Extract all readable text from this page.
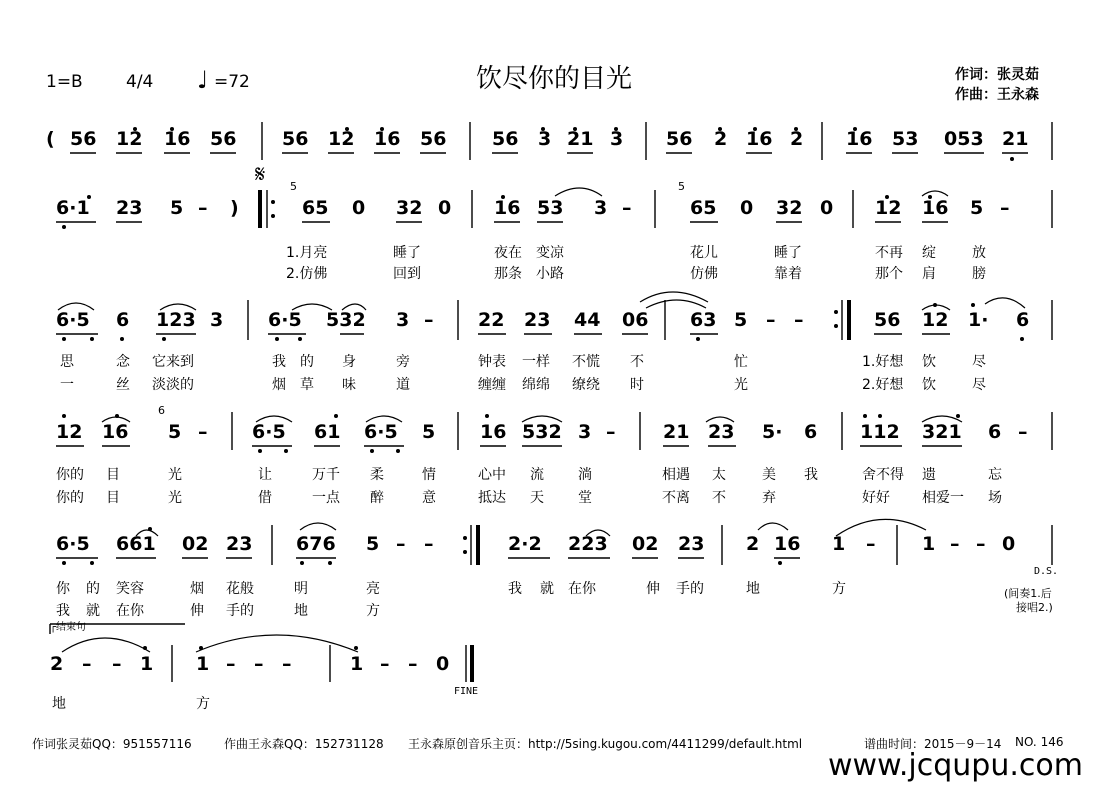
1=B	4/4 ♩ =72	饮尽你的目光	作词：张灵茹
作曲：王永森
( 56 12 16 56 56 12 16 56 56 3 21 3 56 2 16 2 16 53 053 21
6·1 23 5 – )
𝄋 5
65 0 32 0 16 53 3 –
5
65 0 32 0 12 16 5 –
1.月亮	睡了	夜在 变凉	花儿	睡了	不再 绽	放
2.仿佛	回到	那条 小路	仿佛	靠着	那个 肩	膀
6·5 6 123 3 6·5 532 3 – 22 23 44 06 63 5 – –	56 12 1· 6
思	念 它来到	我 的 身	旁	钟表 一样 不慌 不	忙	1.好想 饮	尽
一	丝 淡淡的	烟 草 味	道	缠缠 绵绵 缭绕 时	光	2.好想 饮	尽
12 16
6
5 – 6·5 61 6·5 5 16 532 3 –	21 23 5· 6 112 321 6 –
你的 目	光	让	万千 柔	情	心中 流 淌	相遇 太	美 我	舍不得 遗	忘
你的 目	光	借	一点 醉	意	抵达 天 堂	不离 不	弃	好好 相爱一 场
6·5 661 02 23 676 5 – –	2·2 223 02 23 2 16 1 – 1 – – 0
你 的 笑容	烟 花般	明	亮	我 就 在你	伸 手的	地	方
我 就 在你	伸 手的	地	方
D.S.
(间奏1.后
接唱2.)
┌结束句
2 – – 1 1 – – –	1 – – 0
FINE
地	方
作词张灵茹QQ：951557116	作曲王永森QQ：152731128 王永森原创音乐主页：http://5sing.kugou.com/4411299/default.html	谱曲时间：2015－9－14 NO. 146
www.jcqupu.com
